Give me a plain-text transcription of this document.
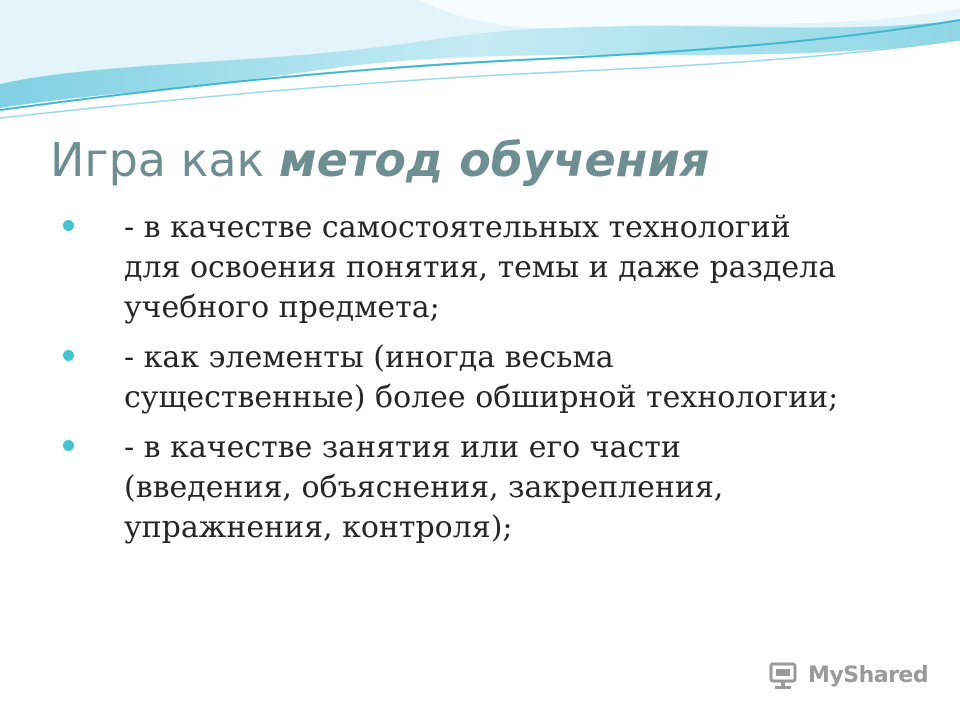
Игра как метод обучения
- в качестве самостоятельных технологий
для освоения понятия, темы и даже раздела
учебного предмета;
- как элементы (иногда весьма
существенные) более обширной технологии;
- в качестве занятия или его части
(введения, объяснения, закрепления,
упражнения, контроля);
MyShared
